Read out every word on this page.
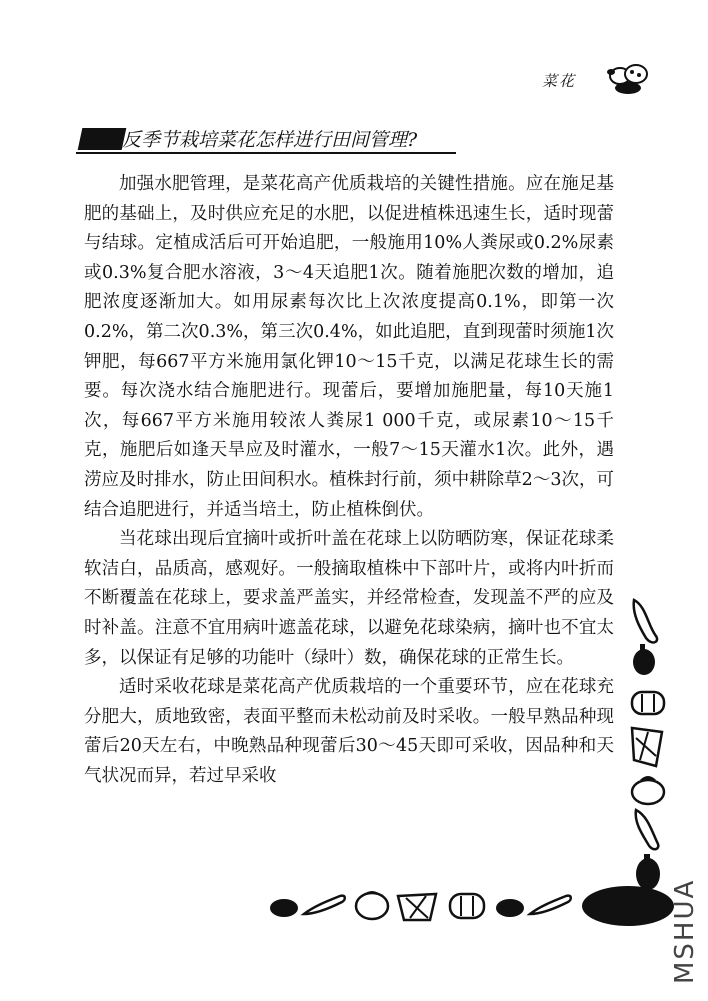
菜花
反季节栽培菜花怎样进行田间管理?

加强水肥管理，是菜花高产优质栽培的关键性措施。应在施足基肥的基础上，及时供应充足的水肥，以促进植株迅速生长，适时现蕾与结球。定植成活后可开始追肥，一般施用10%人粪尿或0.2%尿素或0.3%复合肥水溶液，3～4天追肥1次。随着施肥次数的增加，追肥浓度逐渐加大。如用尿素每次比上次浓度提高0.1%，即第一次0.2%，第二次0.3%，第三次0.4%，如此追肥，直到现蕾时须施1次钾肥，每667平方米施用氯化钾10～15千克，以满足花球生长的需要。每次浇水结合施肥进行。现蕾后，要增加施肥量，每10天施1次，每667平方米施用较浓人粪尿1 000千克，或尿素10～15千克，施肥后如逢天旱应及时灌水，一般7～15天灌水1次。此外，遇涝应及时排水，防止田间积水。植株封行前，须中耕除草2～3次，可结合追肥进行，并适当培土，防止植株倒伏。

当花球出现后宜摘叶或折叶盖在花球上以防晒防寒，保证花球柔软洁白，品质高，感观好。一般摘取植株中下部叶片，或将内叶折而不断覆盖在花球上，要求盖严盖实，并经常检查，发现盖不严的应及时补盖。注意不宜用病叶遮盖花球，以避免花球染病，摘叶也不宜太多，以保证有足够的功能叶（绿叶）数，确保花球的正常生长。

适时采收花球是菜花高产优质栽培的一个重要环节，应在花球充分肥大，质地致密，表面平整而未松动前及时采收。一般早熟品种现蕾后20天左右，中晚熟品种现蕾后30～45天即可采收，因品种和天气状况而异，若过早采收

MSHUA
